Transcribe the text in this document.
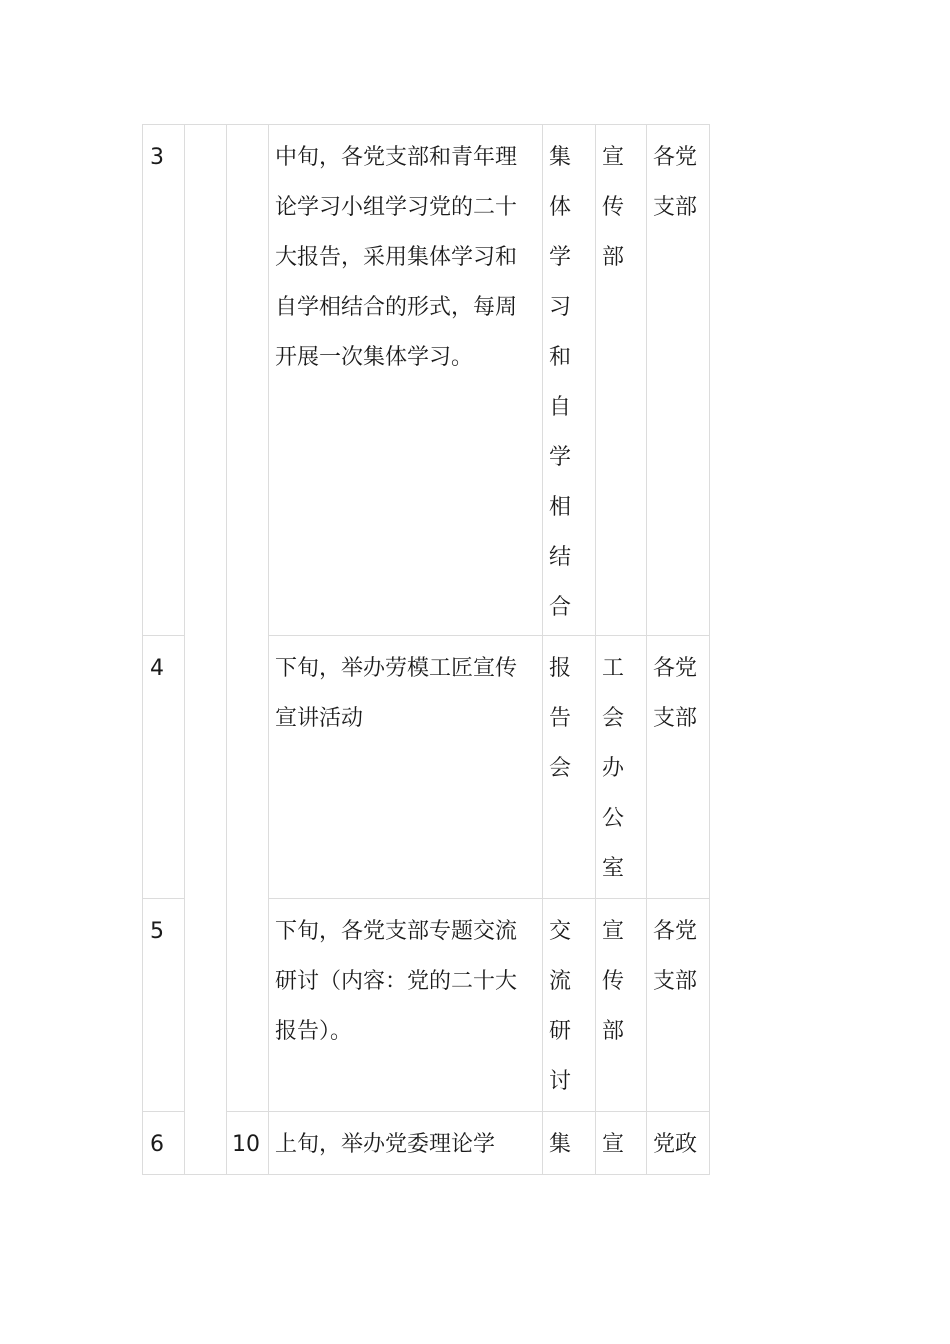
3			中旬，各党支部和青年理论学习小组学习党的二十大报告，采用集体学习和自学相结合的形式，每周开展一次集体学习。	集体学习和自学相结合	宣传部	各党支部

4			下旬，举办劳模工匠宣传宣讲活动	报告会	工会办公室	各党支部

5			下旬，各党支部专题交流研讨（内容：党的二十大报告）。	交流研讨	宣传部	各党支部

6		10	上旬，举办党委理论学	集	宣	党政
